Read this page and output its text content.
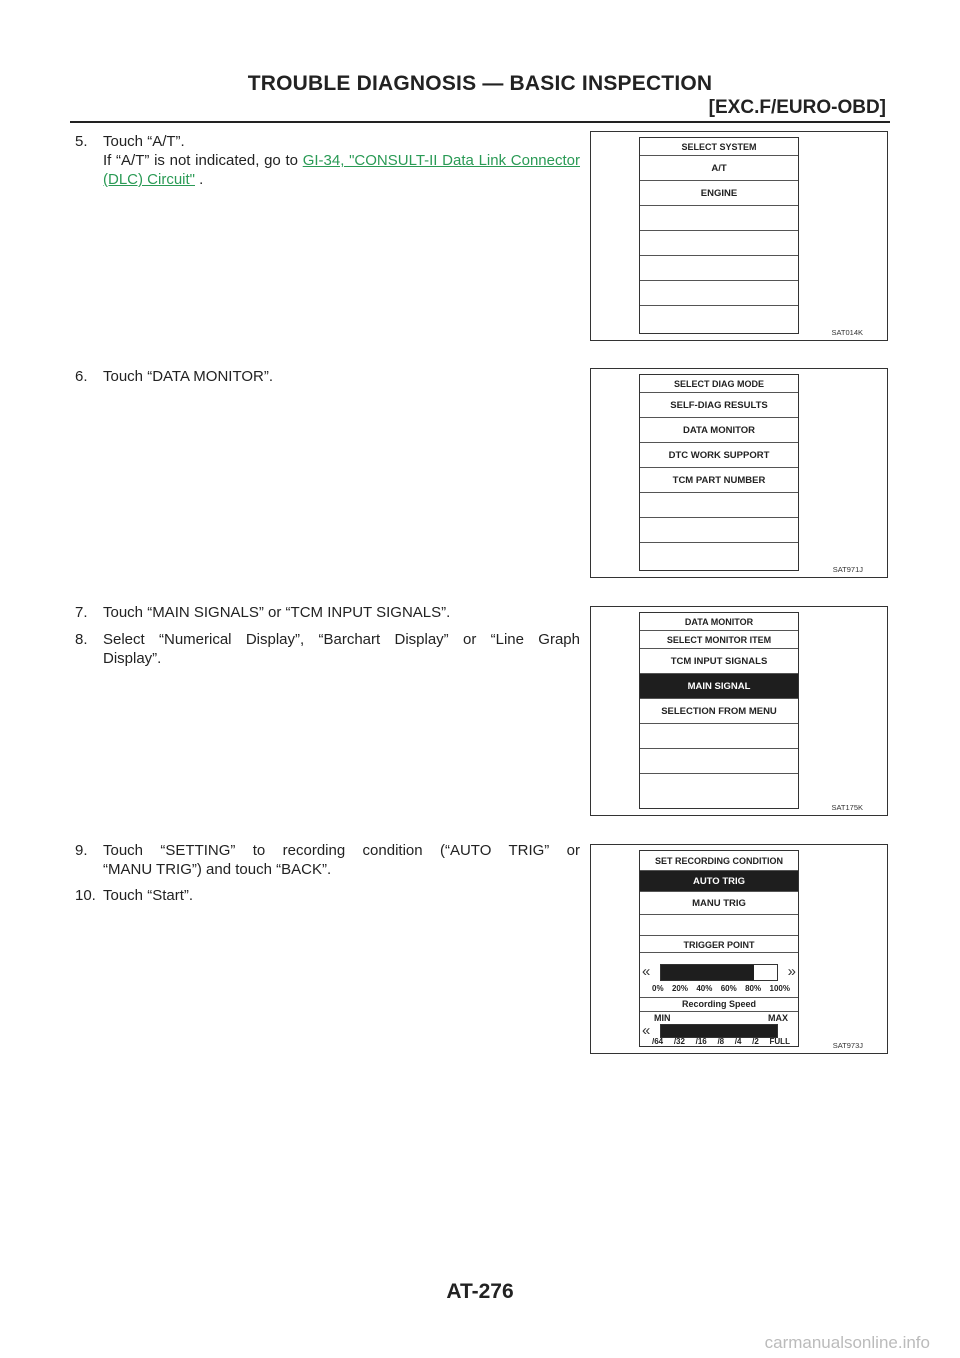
TROUBLE DIAGNOSIS — BASIC INSPECTION
[EXC.F/EURO-OBD]
5. Touch “A/T”.
If “A/T” is not indicated, go to GI-34, "CONSULT-II Data Link Connector (DLC) Circuit" .
SELECT SYSTEM
A/T
ENGINE
SAT014K
6. Touch “DATA MONITOR”.	SELECT DIAG MODE
SELF-DIAG RESULTS
DATA MONITOR
DTC WORK SUPPORT
TCM PART NUMBER
SAT971J
7. Touch “MAIN SIGNALS” or “TCM INPUT SIGNALS”.
8. Select “Numerical Display”, “Barchart Display” or “Line Graph
Display”.
DATA MONITOR
SELECT MONITOR ITEM
TCM INPUT SIGNALS
MAIN SIGNAL
SELECTION FROM MENU
SAT175K
9. Touch “SETTING” to recording condition (“AUTO TRIG” or
“MANU TRIG”) and touch “BACK”.
10. Touch “Start”.
SET RECORDING CONDITION
AUTO TRIG
MANU TRIG
TRIGGER POINT
«	»
0% 20% 40% 60% 80% 100%
Recording Speed
MIN	MAX
«
/64 /32 /16 /8 /4 /2 FULL	SAT973J
AT-276
carmanualsonline.info
